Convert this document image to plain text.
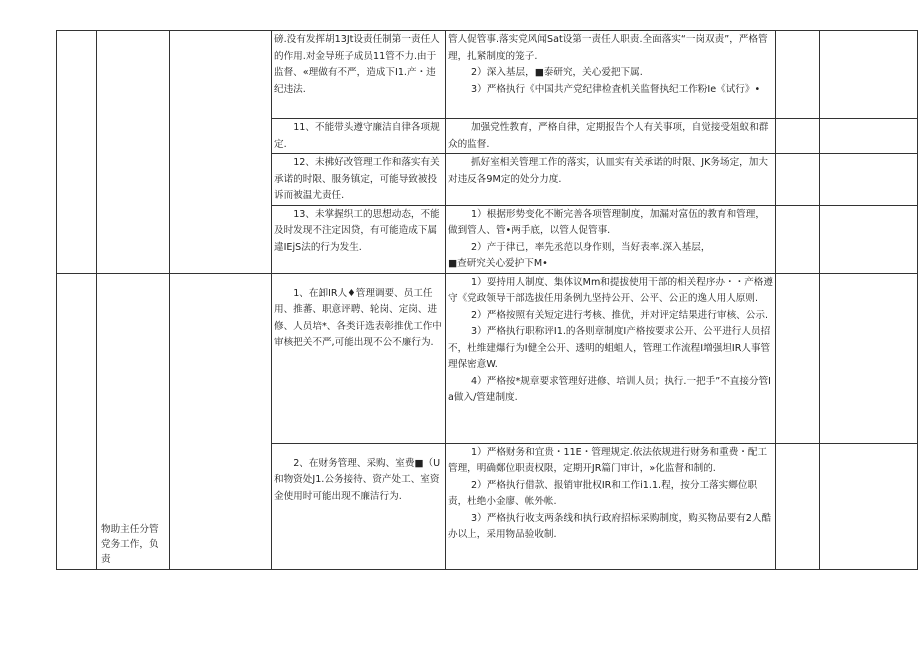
			磅.没有发挥胡13Jt设责任制第一责任人的作用.对金导班子成员11管不力.由于监督、«理做有不严，造成下I1.产・违纪违法.	管人促管事.落实党风闻Sat设第一责任人职责.全面落实“一岗双责”，严格管理，扎紧制度的笼子.

2）深入基层，■泰研究，关心爱把下属.

3）严格执行《中国共产党纪律检査机关监督执纪工作粉Ie《试行》•		

			11、不能带头遵守廉洁自律各项规定.	加强党性教育，严格自律，定期报告个人有关事项，自觉接受俎蚁和群众的监督.		

			12、未拂好改管理工作和落实有关承诺的时限、服务镇定，可能导致被投诉而被温尤责任.	抓好室相关管理工作的落实，认皿实有关承诺的时限、JK务场定，加大对违反各9M定的处分力度.		

			13、未掌握织工的思想动态，不能及时发现不注定因贷，有可能造成下属違IEjS法的行为发生.	1）根据形势变化不断完善各项管理制度，加漏对富伍的教育和管理，做到管人、管•两手底，以管人促管事.

2）产于律已，率先丞范以身作则，当好表率.深入基层，

■查研究关心爱护下M•		

	物助主任分管党务工作，负责		1、在卸IR人♦管理调要、员工任用、推蕃、职意评聘、轮岗、定岗、进修、人员培*、各类讦选表彰推优工作中审核把关不严,可能出现不公不廉行为.	1）耍持用人制度、集体议Mm和提拔使用干部的相关程序办・・产格遵守《党政领导干部选拔任用条例九坚持公开、公平、公正的逸人用人原则.

2）严格按照有关短定进行考核、推优，并对评定结果进行审核、公示.

3）严格执行职称评I1.的各则章制度I产格按要求公开、公平进行人员招不，杜维建爆行为I健全公开、透明的蛆蛆人，管理工作流程I増强坦IR人事管理保密意W.

4）严格按*规章要求管理好进修、培训人员；执行.一把手”不直接分管Ia做入/管建制度.		

			2、在财务管理、采购、室费■（U和物资处J1.公务接待、资产处工、室资金使用时可能出现不廉洁行为.	1）严格财务和宜贵・11E・管理规定.依法依规进行财务和重费・配工管理，明确鄭位职责权限，定期开JR篇门审计，»化监督和制的.

2）严格执行借款、报销审批权IR和工作i1.1.程，按分工落实鄉位职责，杜绝小金廖、帐外帐.

3）严格执行收支两条线和执行政府招标采购制度，购买物品要有2人酷办以上，采用物品验收制.		
